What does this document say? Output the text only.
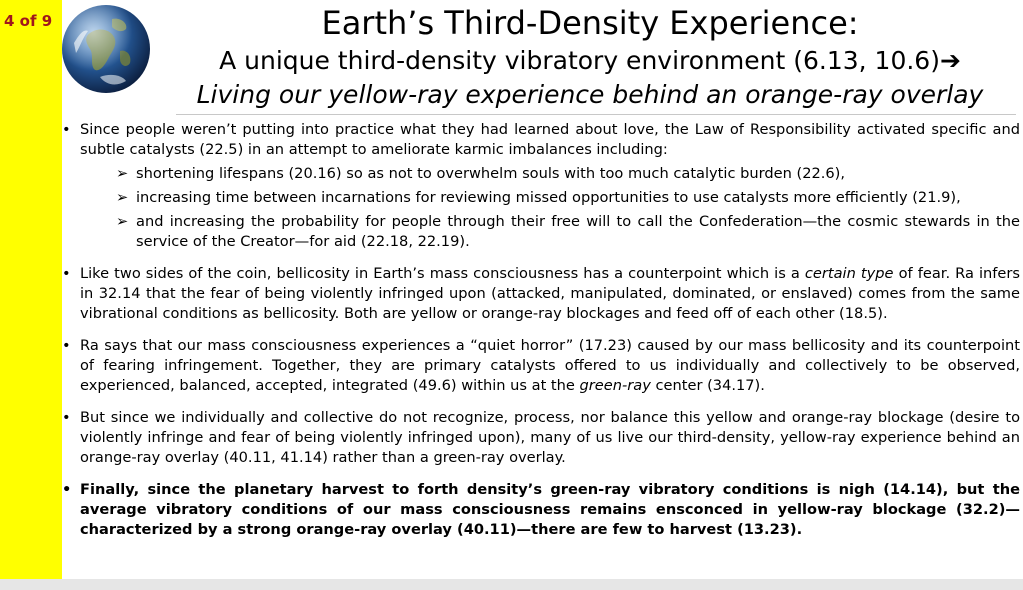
4 of 9	Earth’s Third-Density Experience:
A unique third-density vibratory environment (6.13, 10.6)➔
Living our yellow-ray experience behind an orange-ray overlay
• Since people weren’t putting into practice what they had learned about love, the Law of Responsibility activated specific and subtle catalysts (22.5) in an attempt to ameliorate karmic imbalances including:
➢ shortening lifespans (20.16) so as not to overwhelm souls with too much catalytic burden (22.6),
➢ increasing time between incarnations for reviewing missed opportunities to use catalysts more efficiently (21.9),
➢ and increasing the probability for people through their free will to call the Confederation—the cosmic stewards in the service of the Creator—for aid (22.18, 22.19).
• Like two sides of the coin, bellicosity in Earth’s mass consciousness has a counterpoint which is a certain type of fear. Ra infers in 32.14 that the fear of being violently infringed upon (attacked, manipulated, dominated, or enslaved) comes from the same vibrational conditions as bellicosity. Both are yellow or orange-ray blockages and feed off of each other (18.5).
• Ra says that our mass consciousness experiences a “quiet horror” (17.23) caused by our mass bellicosity and its counterpoint of fearing infringement. Together, they are primary catalysts offered to us individually and collectively to be observed, experienced, balanced, accepted, integrated (49.6) within us at the green-ray center (34.17).
• But since we individually and collective do not recognize, process, nor balance this yellow and orange-ray blockage (desire to violently infringe and fear of being violently infringed upon), many of us live our third-density, yellow-ray experience behind an orange-ray overlay (40.11, 41.14) rather than a green-ray overlay.
• Finally, since the planetary harvest to forth density’s green-ray vibratory conditions is nigh (14.14), but the average vibratory conditions of our mass consciousness remains ensconced in yellow-ray blockage (32.2)—characterized by a strong orange-ray overlay (40.11)—there are few to harvest (13.23).
